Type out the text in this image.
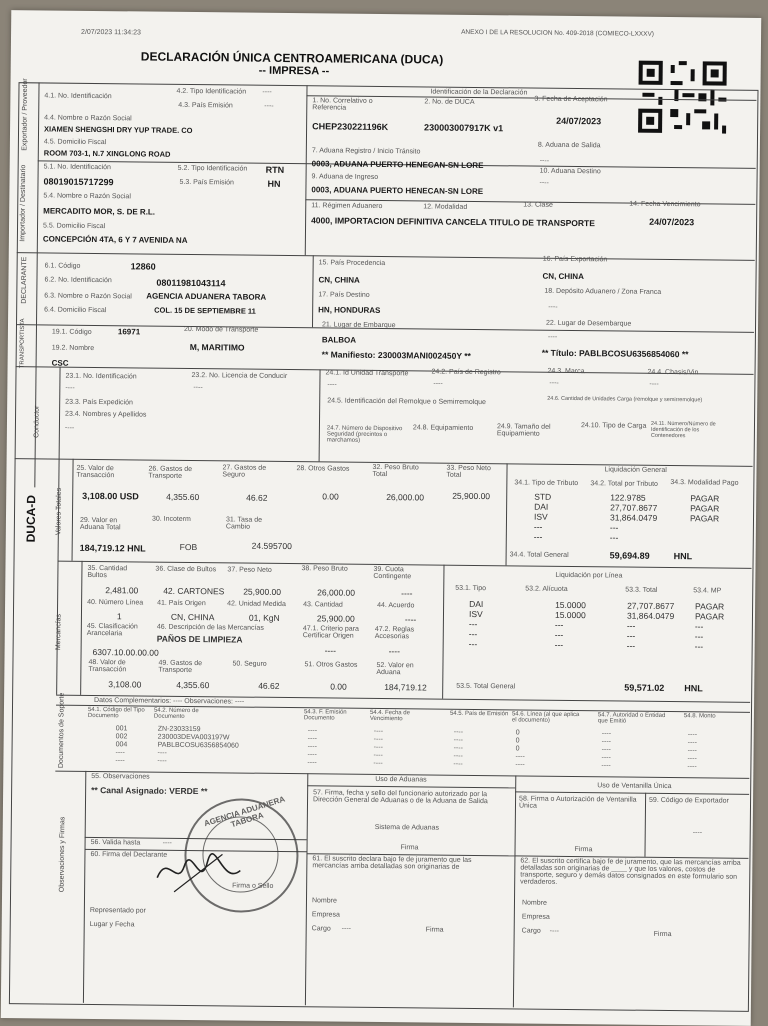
2/07/2023 11:34:23	ANEXO I DE LA RESOLUCION No. 409-2018 (COMIECO-LXXXV)
DECLARACIÓN ÚNICA CENTROAMERICANA (DUCA)
-- IMPRESA --
Exportador / Proveedor 4.1. No. Identificación
4.2. Tipo Identificación ----
4.3. País Emisión	----
4.4. Nombre o Razón Social
XIAMEN SHENGSHI DRY YUP TRADE. CO
4.5. Domicilio Fiscal
ROOM 703-1, N.7 XINGLONG ROAD
Identificación de la Declaración
1. No. Correlativo o Referencia
2. No. de DUCA	3. Fecha de Aceptación
CHEP230221196K	230003007917K v1
24/07/2023
Importador / Destinatario 5.1. No. Identificación
08019015717299
5.2. Tipo Identificación RTN
5.3. País Emisión	HN
5.4. Nombre o Razón Social
MERCADITO MOR, S. DE R.L.
5.5. Domicilio Fiscal
CONCEPCIÓN 4TA, 6 Y 7 AVENIDA NA
7. Aduana Registro / Inicio Tránsito
8. Aduana de Salida
0003, ADUANA PUERTO HENECAN-SN LORE	----
9. Aduana de Ingreso
10. Aduana Destino
----
0003, ADUANA PUERTO HENECAN-SN LORE
11. Régimen Aduanero	12. Modalidad	13. Clase	14. Fecha Vencimiento
4000, IMPORTACION DEFINITIVA CANCELA TITULO DE TRANSPORTE	24/07/2023
DECLARANTE 6.1. Código	12860
6.2. No. Identificación	08011981043114
6.3. Nombre o Razón Social AGENCIA ADUANERA TABORA
6.4. Domicilio Fiscal	COL. 15 DE SEPTIEMBRE 11
15. País Procedencia	16. País Exportación
CN, CHINA	CN, CHINA
17. País Destino	18. Depósito Aduanero / Zona Franca
HN, HONDURAS	----
21. Lugar de Embarque	22. Lugar de Desembarque
BALBOA	----
** Manifiesto: 230003MANI002450Y **	** Título: PABLBCOSU6356854060 **
TRANSPORTISTA	19.1. Código	16971	20. Modo de Transporte
M, MARITIMO
19.2. Nombre
CSC
Conductor
23.1. No. Identificación
----
23.2. No. Licencia de Conducir
----
23.3. País Expedición
23.4. Nombres y Apellidos
----
24.1. Id Unidad Transporte
----
24.2. País de Registro
----
24.3. Marca
----
24.4. Chasis/Vin
----
24.5. Identificación del Remolque o Semirremolque	24.6. Cantidad de Unidades Carga (remolque y semirremolque)
24.7. Número de Dispositivo Seguridad (precintos o marchamos)
24.8. Equipamiento	24.9. Tamaño del Equipamiento
24.10. Tipo de Carga 24.11. Número/Número de Identificación de los Contenedores
DUCA-D Valores Totales
25. Valor de Transacción
26. Gastos de Transporte
27. Gastos de Seguro
28. Otros Gastos	32. Peso Bruto Total
33. Peso Neto Total
3,108.00 USD	4,355.60	46.62	0.00	26,000.00	25,900.00
29. Valor en Aduana Total
30. Incoterm	31. Tasa de Cambio
184,719.12 HNL	FOB	24.595700
Liquidación General
34.1. Tipo de Tributo 34.2. Total por Tributo 34.3. Modalidad Pago
STD	122.9785	PAGAR
DAI	27,707.8677	PAGAR
ISV	31,864.0479	PAGAR
---	---
---	---
34.4. Total General	59,694.89	HNL
Mercancías
35. Cantidad Bultos
36. Clase de Bultos 37. Peso Neto	38. Peso Bruto	39. Cuota Contingente
2,481.00	42. CARTONES 25,900.00	26,000.00	----
40. Número Línea 41. País Origen	42. Unidad Medida 43. Cantidad	44. Acuerdo
1	CN, CHINA	01, KgN	25,900.00	----
45. Clasificación Arancelaria
46. Descripción de las Mercancías	47.1. Criterio para Certificar Origen
47.2. Reglas Accesorias
PAÑOS DE LIMPIEZA
----	----
6307.10.00.00.00
48. Valor de Transacción
49. Gastos de Transporte
50. Seguro	51. Otros Gastos	52. Valor en Aduana
3,108.00	4,355.60	46.62	0.00	184,719.12
Liquidación por Línea
53.1. Tipo	53.2. Alícuota	53.3. Total	53.4. MP
DAI	15.0000	27,707.8677 PAGAR
ISV	15.0000	31,864.0479 PAGAR
---	---	---	---
---	---	---	---
---	---	---	---
53.5. Total General	59,571.02 HNL
Datos Complementarios: ---- Observaciones: ----
Documentos de Soporte	54.1. Código del Tipo Documento
54.2. Número de Documento
54.3. F. Emisión Documento
54.4. Fecha de Vencimiento
54.5. País de Emisión 54.6. Línea (al que aplica el documento)
54.7. Autoridad o Entidad que Emitió
54.8. Monto
001	ZN-23033159	----	----	----	0	----	----
002	230003DEVA003197W	----	----	----	0	----	----
004	PABLBCOSU6356854060	----	----	----	0	----	----
----	----	----	----	----	----	----	----
----	----	----	----	----	----	----	----
Observaciones y Firmas
55. Observaciones
** Canal Asignado: VERDE **
56. Valida hasta	----
60. Firma del Declarante
Firma o Sello
Representado por
Lugar y Fecha
AGENCIA ADUANERA TABORA
Uso de Aduanas
57. Firma, fecha y sello del funcionario autorizado por la Dirección General de Aduanas o de la Aduana de Salida
Sistema de Aduanas
Firma
61. El suscrito declara bajo fe de juramento que las mercancías arriba detalladas son originarias de
Nombre
Empresa
Cargo ----	Firma
Uso de Ventanilla Única
58. Firma o Autorización de Ventanilla Única
59. Código de Exportador
----
Firma
62. El suscrito certifica bajo fe de juramento, que las mercancías arriba detalladas son originarias de ____ y que los valores, costos de transporte, seguro y demás datos consignados en este formulario son verdaderos.
Nombre
Empresa
Cargo ----	Firma
